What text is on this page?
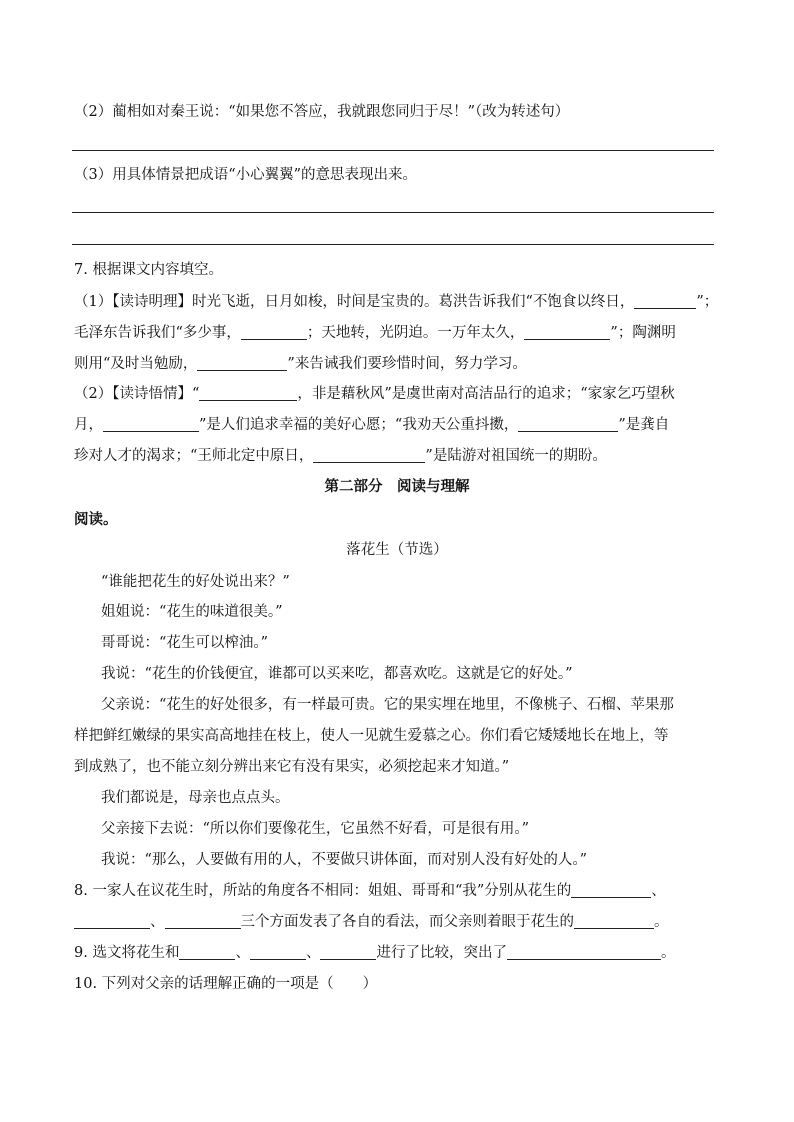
（2）蔺相如对秦王说：“如果您不答应，我就跟您同归于尽！”（改为转述句）
（3）用具体情景把成语“小心翼翼”的意思表现出来。
7. 根据课文内容填空。
（1）【读诗明理】时光飞逝，日月如梭，时间是宝贵的。葛洪告诉我们“不饱食以终日，	”；
毛泽东告诉我们“多少事，	；天地转，光阴迫。一万年太久，	”；陶渊明
则用“及时当勉励，	”来告诫我们要珍惜时间，努力学习。
（2）【读诗悟情】“	，非是藉秋风”是虞世南对高洁品行的追求；“家家乞巧望秋
月，	”是人们追求幸福的美好心愿；“我劝天公重抖擞，	”是龚自
珍对人才的渴求；“王师北定中原日，	”是陆游对祖国统一的期盼。
第二部分　阅读与理解
阅读。
落花生（节选）
“谁能把花生的好处说出来？”
姐姐说：“花生的味道很美。”
哥哥说：“花生可以榨油。”
我说：“花生的价钱便宜，谁都可以买来吃，都喜欢吃。这就是它的好处。”
父亲说：“花生的好处很多，有一样最可贵。它的果实埋在地里，不像桃子、石榴、苹果那
样把鲜红嫩绿的果实高高地挂在枝上，使人一见就生爱慕之心。你们看它矮矮地长在地上，等
到成熟了，也不能立刻分辨出来它有没有果实，必须挖起来才知道。”
我们都说是，母亲也点点头。
父亲接下去说：“所以你们要像花生，它虽然不好看，可是很有用。”
我说：“那么，人要做有用的人，不要做只讲体面，而对别人没有好处的人。”
8. 一家人在议花生时，所站的角度各不相同：姐姐、哥哥和“我”分别从花生的	、
、	三个方面发表了各自的看法，而父亲则着眼于花生的	。
9. 选文将花生和	、	、	进行了比较，突出了	。
10. 下列对父亲的话理解正确的一项是（　　）
